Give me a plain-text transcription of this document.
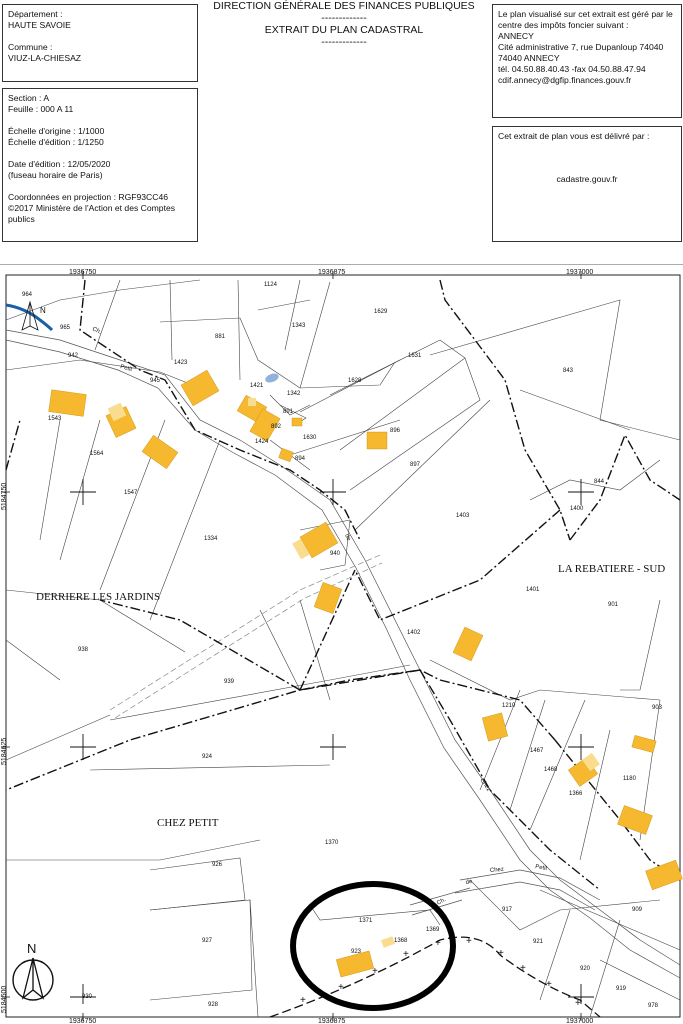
Département :

HAUTE SAVOIE

Commune :

VIUZ-LA-CHIESAZ

Section : A

Feuille : 000 A 11

Échelle d'origine : 1/1000

Échelle d'édition : 1/1250

Date d'édition : 12/05/2020

(fuseau horaire de Paris)

Coordonnées en projection : RGF93CC46

©2017 Ministère de l'Action et des Comptes

publics

DIRECTION GÉNÉRALE DES FINANCES PUBLIQUES
-------------
EXTRAIT DU PLAN CADASTRAL
-------------

Le plan visualisé sur cet extrait est géré par le

centre des impôts foncier suivant :

ANNECY

Cité administrative 7, rue Dupanloup 74040

74040 ANNECY

tél. 04.50.88.40.43 -fax 04.50.88.47.94

cdif.annecy@dgfip.finances.gouv.fr

Cet extrait de plan vous est délivré par :

cadastre.gouv.fr

+
+
+
+
+	+
+
+
+
+
1936750	1936875	1937000
1936750	1936875	1937000
5184750
5184625
5184500
DERRIERE LES JARDINS
LA REBATIERE - SUD
CHEZ PETIT
Ch.
Petit
de
Chez
Ch.
de
Chez	Petit
964
965
942
945
1543
1423
881
1124
1343
1629
1631
843
1421
1342
891
892
1424
1630
1628
896
897
894
1564
1547
1334
940
1403
1400
844
938
939
1402
1401
901
1210	903
924
1467
1468
1366
1180
1370
926
917	909
927
923
1371
1368
1369
921
920
919
930
928	978
N
N
